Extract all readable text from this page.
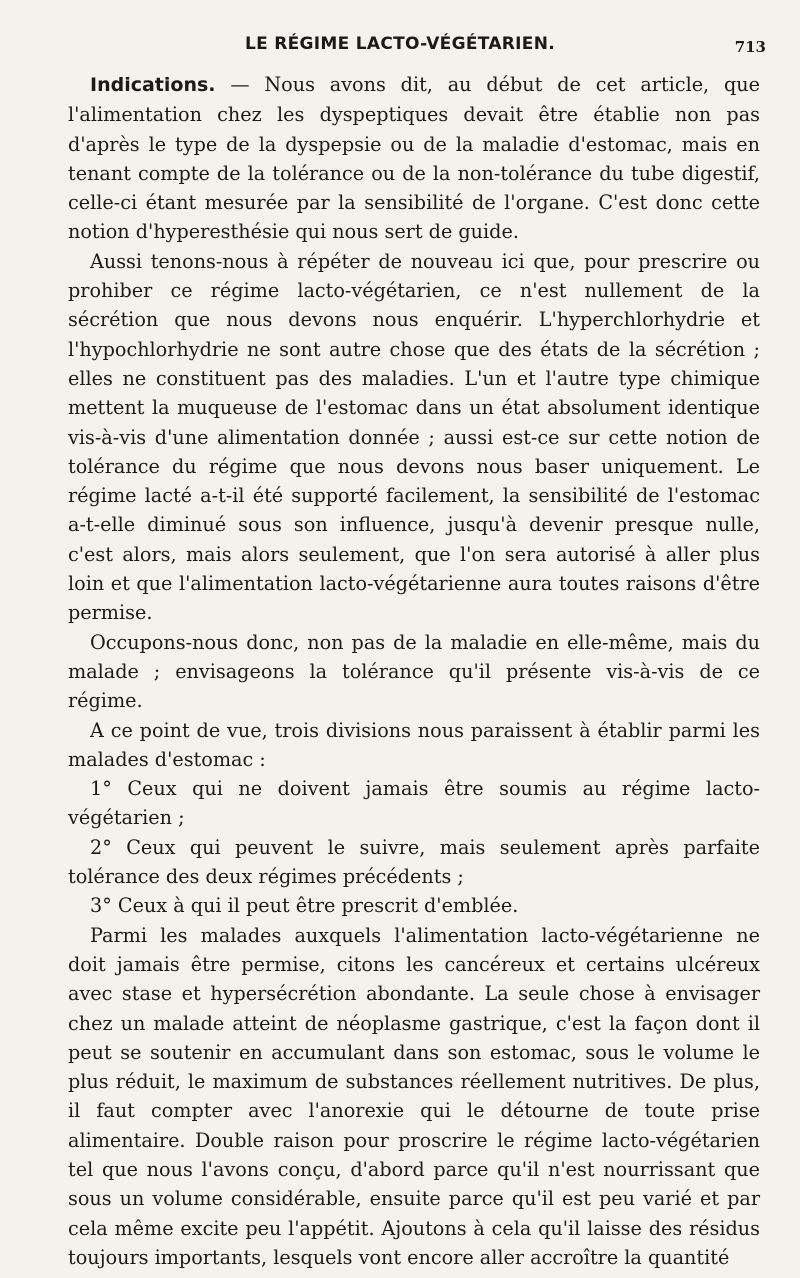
LE RÉGIME LACTO-VÉGÉTARIEN.	713

Indications. — Nous avons dit, au début de cet article, que l'alimentation chez les dyspeptiques devait être établie non pas d'après le type de la dyspepsie ou de la maladie d'estomac, mais en tenant compte de la tolérance ou de la non-tolérance du tube digestif, celle-ci étant mesurée par la sensibilité de l'organe. C'est donc cette notion d'hyperesthésie qui nous sert de guide.

Aussi tenons-nous à répéter de nouveau ici que, pour prescrire ou prohiber ce régime lacto-végétarien, ce n'est nullement de la sécrétion que nous devons nous enquérir. L'hyperchlorhydrie et l'hypochlorhydrie ne sont autre chose que des états de la sécrétion ; elles ne constituent pas des maladies. L'un et l'autre type chimique mettent la muqueuse de l'estomac dans un état absolument identique vis-à-vis d'une alimentation donnée ; aussi est-ce sur cette notion de tolérance du régime que nous devons nous baser uniquement. Le régime lacté a-t-il été supporté facilement, la sensibilité de l'estomac a-t-elle diminué sous son influence, jusqu'à devenir presque nulle, c'est alors, mais alors seulement, que l'on sera autorisé à aller plus loin et que l'alimentation lacto-végétarienne aura toutes raisons d'être permise.

Occupons-nous donc, non pas de la maladie en elle-même, mais du malade ; envisageons la tolérance qu'il présente vis-à-vis de ce régime.

A ce point de vue, trois divisions nous paraissent à établir parmi les malades d'estomac :

1° Ceux qui ne doivent jamais être soumis au régime lacto-végétarien ;

2° Ceux qui peuvent le suivre, mais seulement après parfaite tolérance des deux régimes précédents ;

3° Ceux à qui il peut être prescrit d'emblée.

Parmi les malades auxquels l'alimentation lacto-végétarienne ne doit jamais être permise, citons les cancéreux et certains ulcéreux avec stase et hypersécrétion abondante. La seule chose à envisager chez un malade atteint de néoplasme gastrique, c'est la façon dont il peut se soutenir en accumulant dans son estomac, sous le volume le plus réduit, le maximum de substances réellement nutritives. De plus, il faut compter avec l'anorexie qui le détourne de toute prise alimentaire. Double raison pour proscrire le régime lacto-végétarien tel que nous l'avons conçu, d'abord parce qu'il n'est nourrissant que sous un volume considérable, ensuite parce qu'il est peu varié et par cela même excite peu l'appétit. Ajoutons à cela qu'il laisse des résidus toujours importants, lesquels vont encore aller accroître la quantité
